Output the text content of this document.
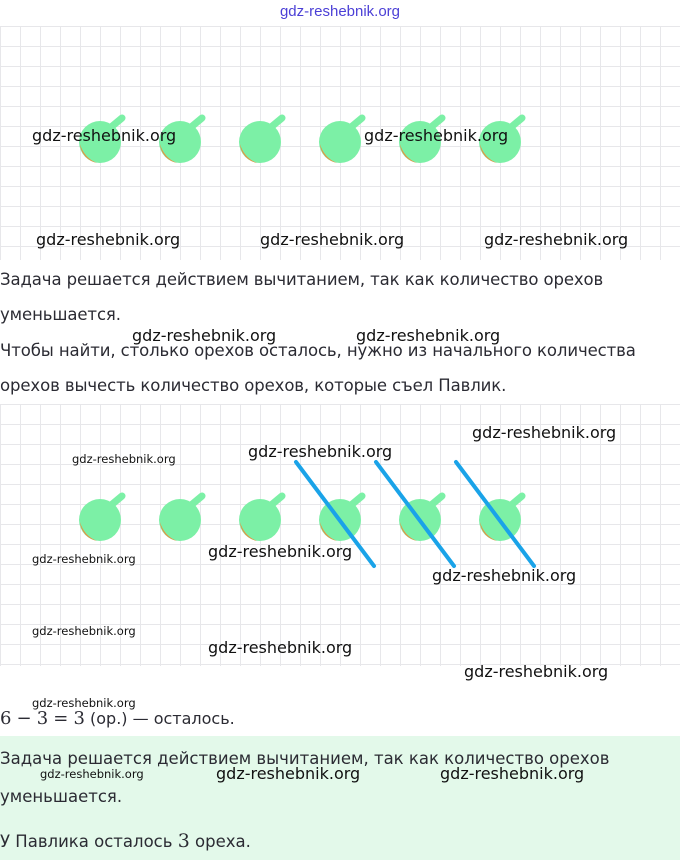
gdz-reshebnik.org
Задача решается действием вычитанием, так как количество орехов
уменьшается.
Чтобы найти, столько орехов осталось, нужно из начального количества
орехов вычесть количество орехов, которые съел Павлик.
6 − 3 = 3 (ор.) — осталось.
Задача решается действием вычитанием, так как количество орехов
уменьшается.
У Павлика осталось 3 ореха.
gdz-reshebnik.org	gdz-reshebnik.org
gdz-reshebnik.org	gdz-reshebnik.org	gdz-reshebnik.org
gdz-reshebnik.org	gdz-reshebnik.org
gdz-reshebnik.org
gdz-reshebnik.org
gdz-reshebnik.org
gdz-reshebnik.org
gdz-reshebnik.org
gdz-reshebnik.org
gdz-reshebnik.org
gdz-reshebnik.org
gdz-reshebnik.org
gdz-reshebnik.org
gdz-reshebnik.org	gdz-reshebnik.org	gdz-reshebnik.org
